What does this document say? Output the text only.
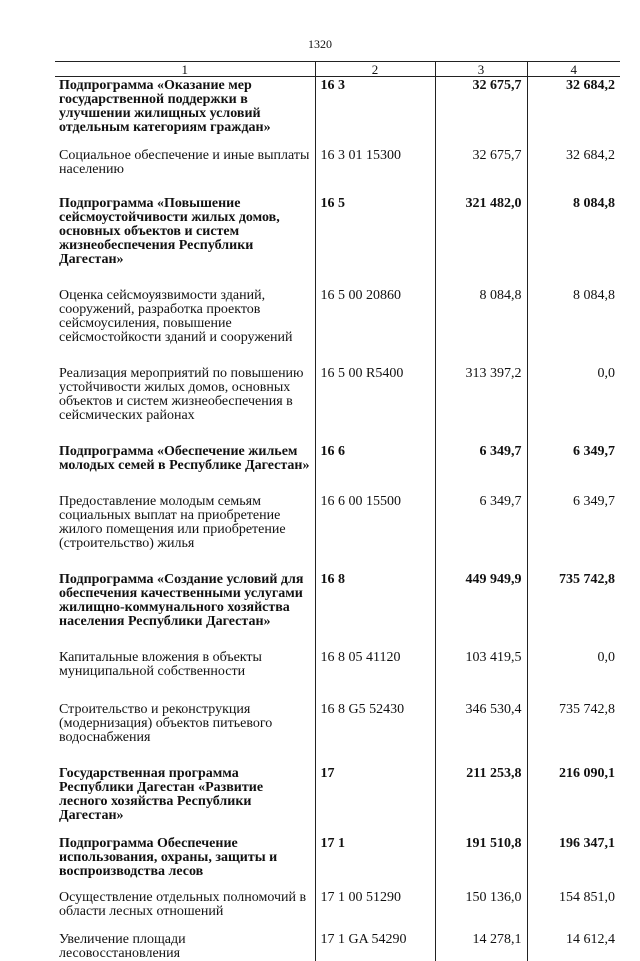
1320
1	2	3	4
Подпрограмма «Оказание мер государственной поддержки в улучшении жилищных условий отдельным категориям граждан»	16 3	32 675,7	32 684,2
Социальное обеспечение и иные выплаты населению	16 3 01 15300	32 675,7	32 684,2
Подпрограмма «Повышение сейсмоустойчивости жилых домов, основных объектов и систем жизнеобеспечения Республики Дагестан»	16 5	321 482,0	8 084,8
Оценка сейсмоуязвимости зданий, сооружений, разработка проектов сейсмоусиления, повышение сейсмостойкости зданий и сооружений	16 5 00 20860	8 084,8	8 084,8
Реализация мероприятий по повышению устойчивости жилых домов, основных объектов и систем жизнеобеспечения в сейсмических районах	16 5 00 R5400	313 397,2	0,0
Подпрограмма «Обеспечение жильем молодых семей в Республике Дагестан»	16 6	6 349,7	6 349,7
Предоставление молодым семьям социальных выплат на приобретение жилого помещения или приобретение (строительство) жилья	16 6 00 15500	6 349,7	6 349,7
Подпрограмма «Создание условий для обеспечения качественными услугами жилищно-коммунального хозяйства населения Республики Дагестан»	16 8	449 949,9	735 742,8
Капитальные вложения в объекты муниципальной собственности	16 8 05 41120	103 419,5	0,0
Строительство и реконструкция (модернизация) объектов питьевого водоснабжения	16 8 G5 52430	346 530,4	735 742,8
Государственная программа Республики Дагестан «Развитие лесного хозяйства Республики Дагестан»	17	211 253,8	216 090,1
Подпрограмма Обеспечение использования, охраны, защиты и воспроизводства лесов	17 1	191 510,8	196 347,1
Осуществление отдельных полномочий в области лесных отношений	17 1 00 51290	150 136,0	154 851,0
Увеличение площади лесовосстановления	17 1 GA 54290	14 278,1	14 612,4
